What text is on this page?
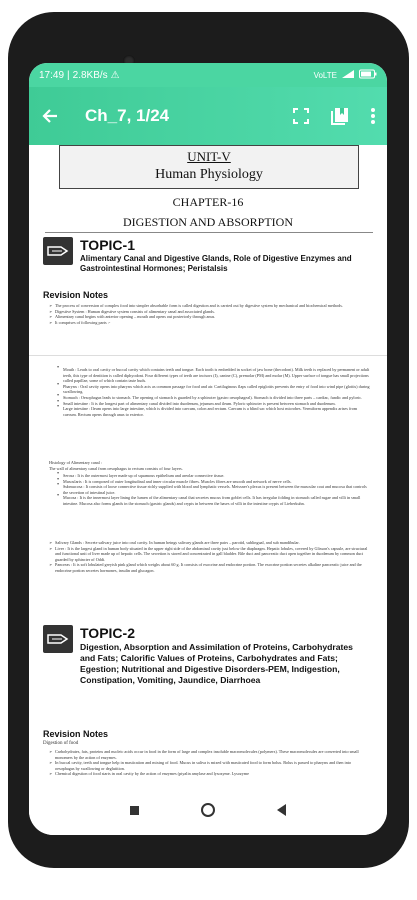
17:49 | 2.8KB/s ⚠	VoLTE
Ch_7, 1/24
UNIT-V
Human Physiology
CHAPTER-16
DIGESTION AND ABSORPTION
TOPIC-1
Alimentary Canal and Digestive Glands, Role of Digestive Enzymes and Gastrointestinal Hormones; Peristalsis
Revision Notes
➢ The process of conversion of complex food into simpler absorbable form is called digestion and is carried out by digestive system by mechanical and biochemical methods.
➢ Digestive System : Human digestive system consists of alimentary canal and associated glands.
➢ Alimentary canal begins with anterior opening – mouth and opens out posteriorly through anus.
➢ It comprises of following parts :-
• Mouth : Leads to oral cavity or buccal cavity which contains teeth and tongue. Each tooth is embedded in socket of jaw bone (thecodont). Milk teeth is replaced by permanent or adult teeth, this type of dentition is called diphyodont. Four different types of teeth are incisors (I), canine (C), premolar (PM) and molar (M). Upper surface of tongue has small projections called papillae, some of which contain taste buds.
• Pharynx : Oral cavity opens into pharynx which acts as common passage for food and air. Cartilaginous flaps called epiglottis prevents the entry of food into wind pipe (glottis) during swallowing.
• Stomach : Oesophagus leads to stomach. The opening of stomach is guarded by a sphincter (gastro oesophageal). Stomach is divided into three parts – cardiac, fundic and pyloric.
• Small intestine : It is the longest part of alimentary canal divided into duodenum, jejunum and ileum. Pyloric sphincter is present between stomach and duodenum.
• Large intestine : Ileum opens into large intestine, which is divided into caecum, colon and rectum. Caecum is a blind sac which host microbes. Vermiform appendix arises from caecum. Rectum opens through anus to exterior.
Histology of Alimentary canal :
The wall of alimentary canal from oesophagus to rectum consists of four layers.
• Serosa : It is the outermost layer made up of squamous epithelium and areolar connective tissue.
• Muscularis : It is composed of outer longitudinal and inner circular muscle fibres. Muscles fibres are smooth and network of nerve cells.
• Submucosa : It consists of loose connective tissue richly supplied with blood and lymphatic vessels. Meissner's plexus is present between the muscular coat and mucosa that controls the secretion of intestinal juice.
• Mucosa : It is the innermost layer lining the lumen of the alimentary canal that secretes mucus from goblet cells. It has irregular folding in stomach called rugae and villi in small intestine. Mucosa also forms glands in the stomach (gastric glands) and crypts in between the bases of villi in the intestine crypts of Lieberkuhn.
➢ Salivary Glands : Secrete salivary juice into oral cavity. In human beings salivary glands are three pairs – parotid, sublingual, and sub mandibular.
➢ Liver : It is the largest gland in human body situated in the upper right side of the abdominal cavity just below the diaphragm. Hepatic lobules, covered by Glisson's capsule, are structural and functional unit of liver made up of hepatic cells. The secretion is stored and concentrated in gall bladder. Bile duct and pancreatic duct open together in duodenum by common duct guarded by sphincter of Oddi.
➢ Pancreas : It is soft lobulated greyish pink gland which weighs about 60 g. It consists of exocrine and endocrine portion. The exocrine portion secretes alkaline pancreatic juice and the endocrine portion secretes hormones, insulin and glucagon.
TOPIC-2
Digestion, Absorption and Assimilation of Proteins, Carbohydrates and Fats; Calorific Values of Proteins, Carbohydrates and Fats; Egestion; Nutritional and Digestive Disorders-PEM, Indigestion, Constipation, Vomiting, Jaundice, Diarrhoea
Revision Notes
Digestion of food
➢ Carbohydrates, fats, proteins and nucleic acids occur in food in the form of large and complex insoluble macromolecules (polymers). These macromolecules are converted into small monomers by the action of enzymes.
➢ In buccal cavity, teeth and tongue help in mastication and mixing of food. Mucus in saliva is mixed with masticated food to form bolus. Bolus is passed to pharynx and then into oesophagus by swallowing or deglutition.
➢ Chemical digestion of food starts in oral cavity by the action of enzymes (ptyalin amylase and lysozyme. Lysozyme
